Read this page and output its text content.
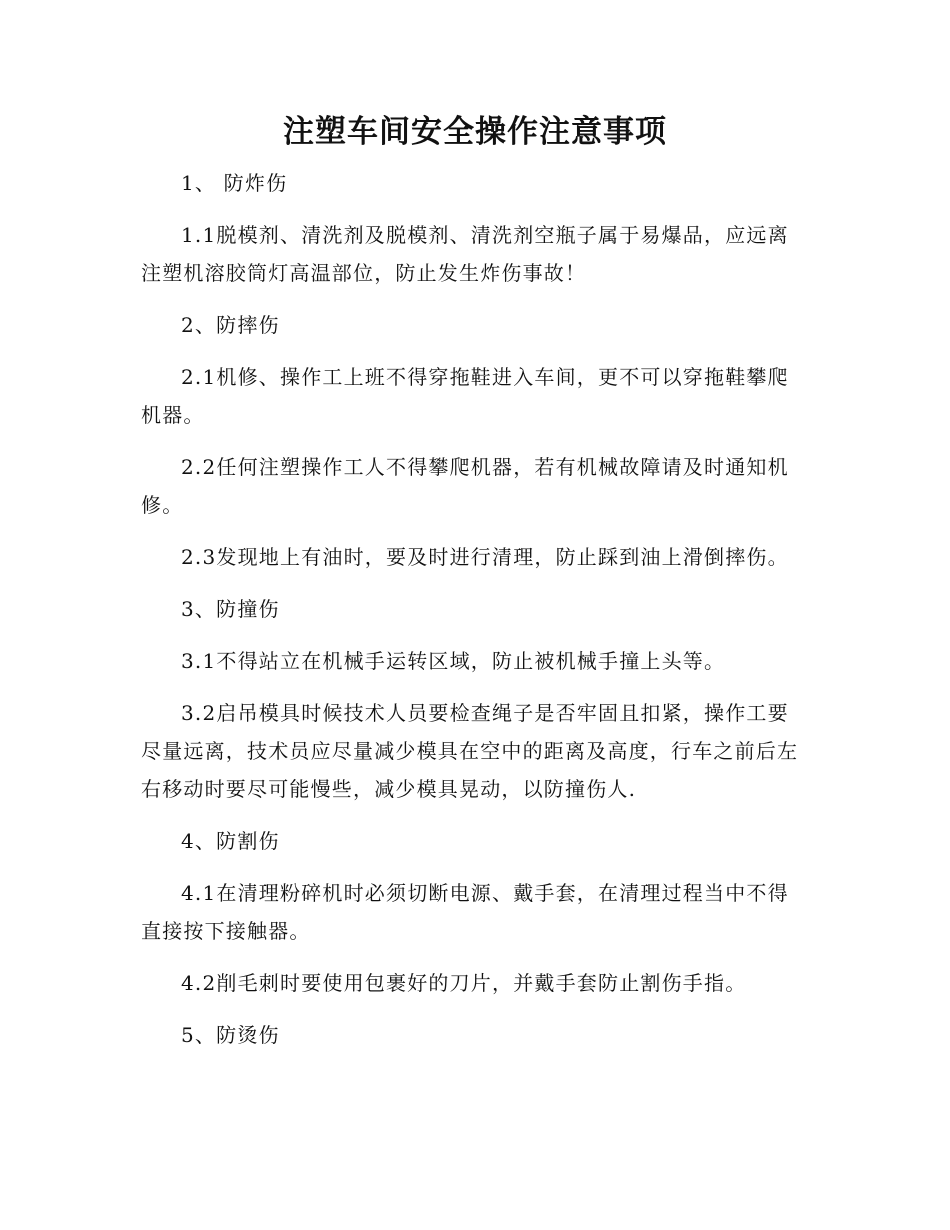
注塑车间安全操作注意事项
1、 防炸伤
1.1脱模剂、清洗剂及脱模剂、清洗剂空瓶子属于易爆品，应远离注塑机溶胶筒灯高温部位，防止发生炸伤事故！
2、防摔伤
2.1机修、操作工上班不得穿拖鞋进入车间，更不可以穿拖鞋攀爬机器。
2.2任何注塑操作工人不得攀爬机器，若有机械故障请及时通知机修。
2.3发现地上有油时，要及时进行清理，防止踩到油上滑倒摔伤。
3、防撞伤
3.1不得站立在机械手运转区域，防止被机械手撞上头等。
3.2启吊模具时候技术人员要检查绳子是否牢固且扣紧，操作工要尽量远离，技术员应尽量减少模具在空中的距离及高度，行车之前后左右移动时要尽可能慢些，减少模具晃动，以防撞伤人.
4、防割伤
4.1在清理粉碎机时必须切断电源、戴手套，在清理过程当中不得直接按下接触器。
4.2削毛刺时要使用包裹好的刀片，并戴手套防止割伤手指。
5、防烫伤
